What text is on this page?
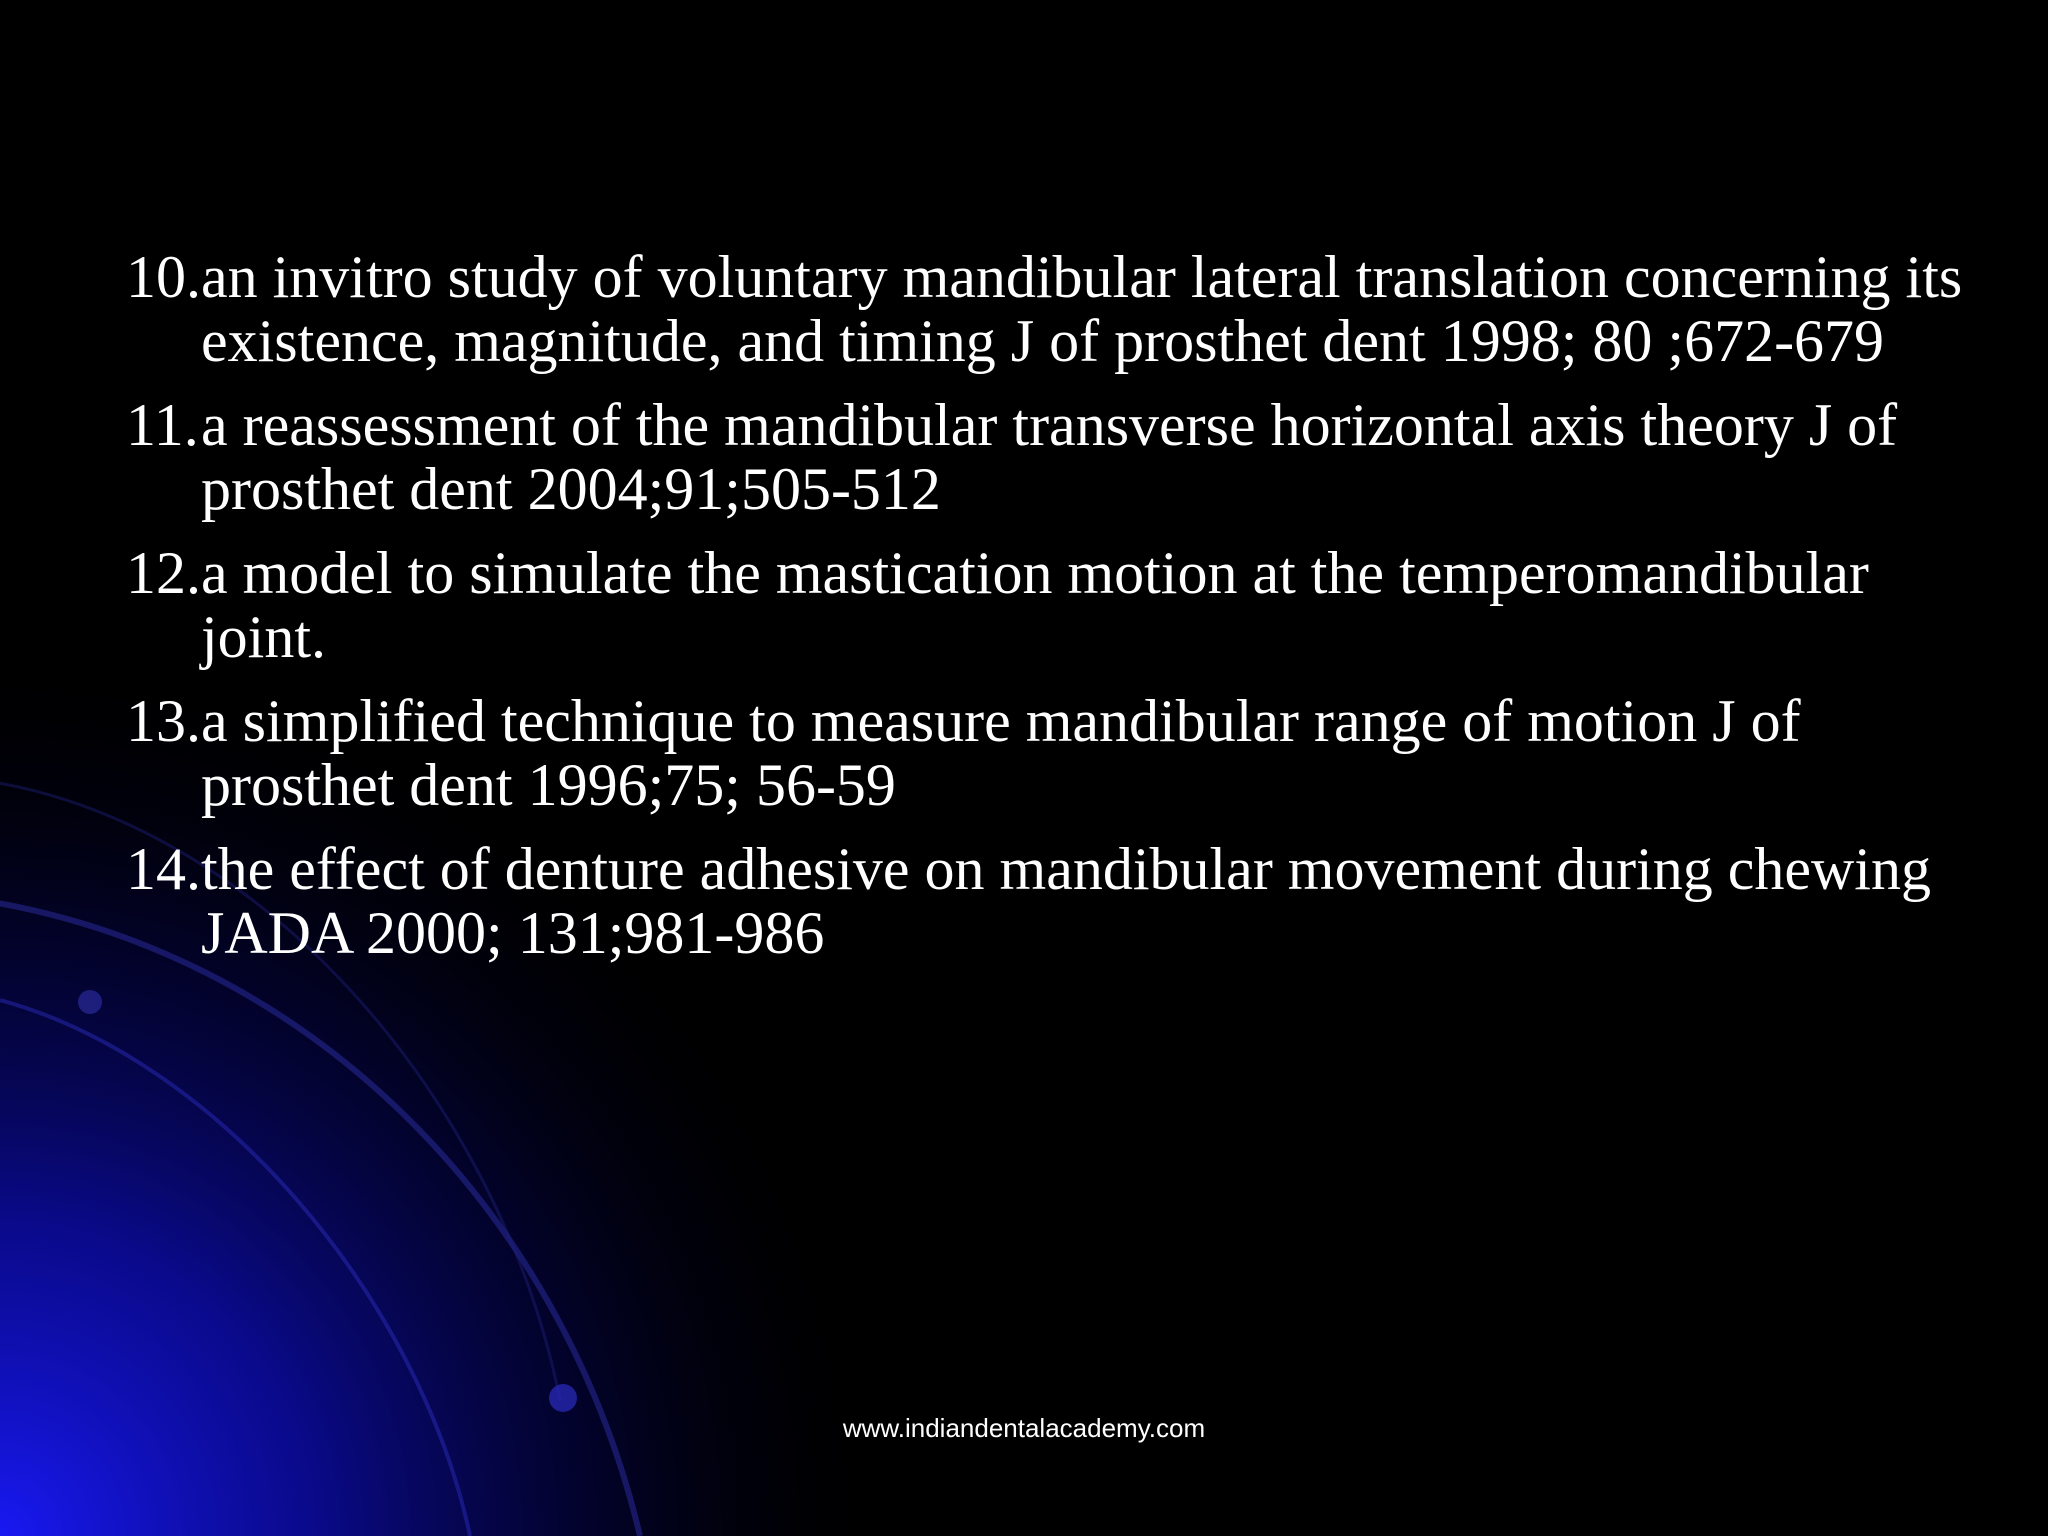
10. an invitro study of voluntary mandibular lateral translation concerning its existence, magnitude, and timing J of prosthet dent 1998; 80 ;672-679
11. a reassessment of the mandibular transverse horizontal axis theory J of prosthet dent 2004;91;505-512
12. a model to simulate the mastication motion at the temperomandibular joint.
13. a simplified technique to measure mandibular range of motion J of prosthet dent 1996;75; 56-59
14. the effect of denture adhesive on mandibular movement during chewing JADA 2000; 131;981-986
www.indiandentalacademy.com
